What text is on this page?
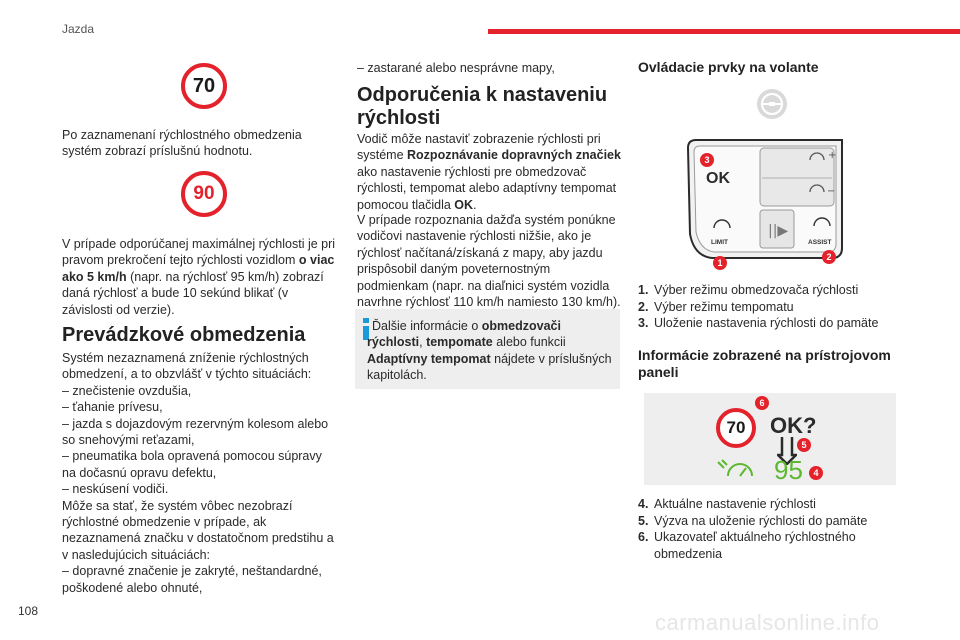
Jazda
70

Po zaznamenaní rýchlostného obmedzenia systém zobrazí príslušnú hodnotu.

90

V prípade odporúčanej maximálnej rýchlosti je pri pravom prekročení tejto rýchlosti vozidlom o viac ako 5 km/h (napr. na rýchlosť 95 km/h) zobrazí daná rýchlosť a bude 10 sekúnd blikať (v závislosti od verzie).

Prevádzkové obmedzenia
Systém nezaznamená zníženie rýchlostných
obmedzení, a to obzvlášť v týchto situáciách:
– znečistenie ovzdušia,
– ťahanie prívesu,
– jazda s dojazdovým rezervným kolesom alebo
so snehovými reťazami,
– pneumatika bola opravená pomocou súpravy
na dočasnú opravu defektu,
– neskúsení vodiči.
Môže sa stať, že systém vôbec nezobrazí
rýchlostné obmedzenie v prípade, ak
nezaznamená značku v dostatočnom predstihu a
v nasledujúcich situáciách:
– dopravné značenie je zakryté, neštandardné,
poškodené alebo ohnuté,

– zastarané alebo nesprávne mapy,

Odporučenia k nastaveniu rýchlosti

Vodič môže nastaviť zobrazenie rýchlosti pri systéme Rozpoznávanie dopravných značiek ako nastavenie rýchlosti pre obmedzovač rýchlosti, tempomat alebo adaptívny tempomat pomocou tlačidla OK.

V prípade rozpoznania dažďa systém ponúkne vodičovi nastavenie rýchlosti nižšie, ako je rýchlosť načítaná/získaná z mapy, aby jazdu prispôsobil daným poveternostným podmienkam (napr. na diaľnici systém vozidla navrhne rýchlosť 110 km/h namiesto 130 km/h).

Ďalšie informácie o obmedzovači rýchlosti, tempomate alebo funkcii Adaptívny tempomat nájdete v príslušných kapitolách.

Ovládacie prvky na volante
+
−
||▶
OK
LIMIT	ASSIST
3
1
2
1. Výber režimu obmedzovača rýchlosti
2. Výber režimu tempomatu
3. Uloženie nastavenia rýchlosti do pamäte
Informácie zobrazené na prístrojovom paneli
70	OK?
95
6
5
4
4. Aktuálne nastavenie rýchlosti
5. Výzva na uloženie rýchlosti do pamäte
6. Ukazovateľ aktuálneho rýchlostného obmedzenia
108	carmanualsonline.info
